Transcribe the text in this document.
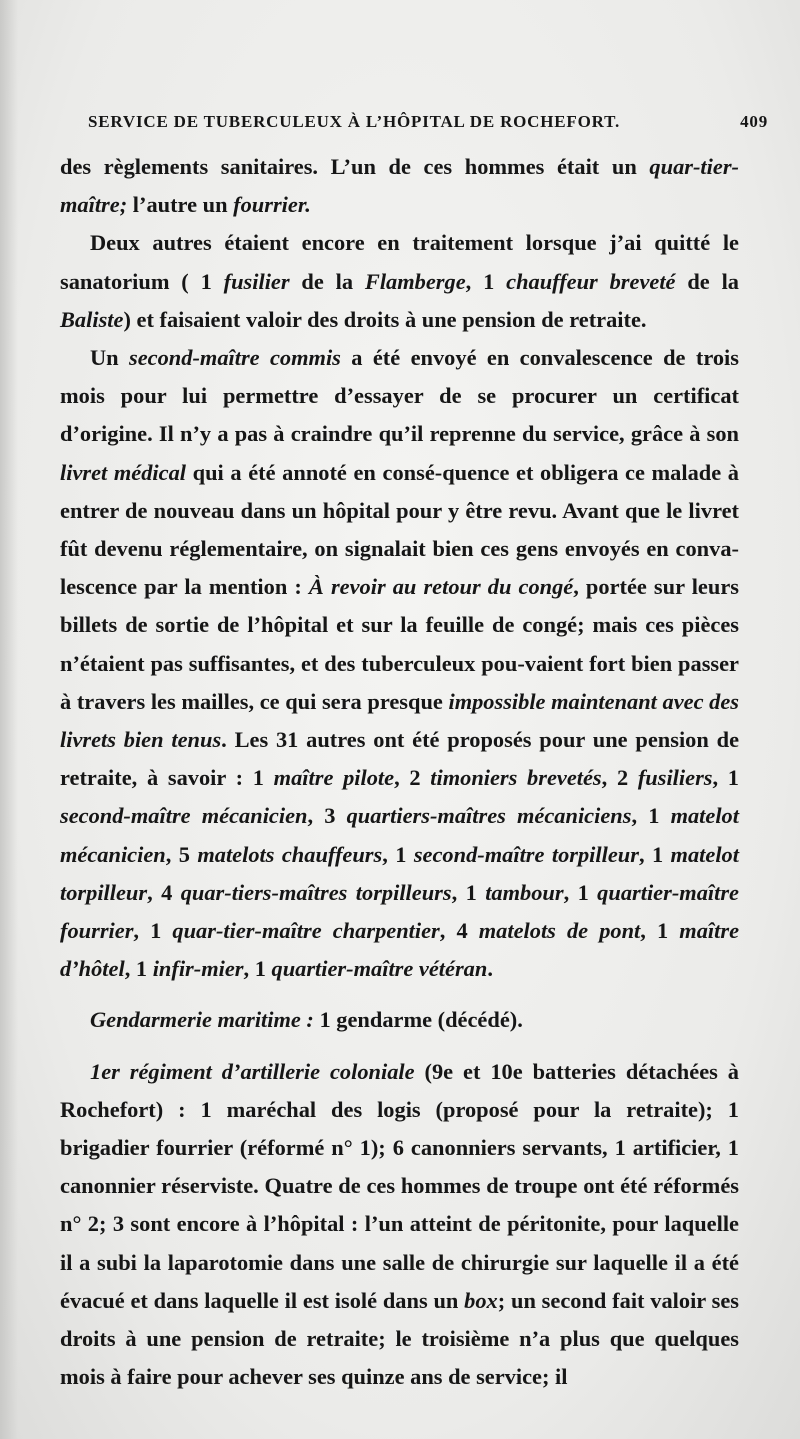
SERVICE DE TUBERCULEUX À L’HÔPITAL DE ROCHEFORT.	409

des règlements sanitaires. L’un de ces hommes était un quar-tier-maître; l’autre un fourrier.

Deux autres étaient encore en traitement lorsque j’ai quitté le sanatorium ( 1 fusilier de la Flamberge, 1 chauffeur breveté de la Baliste) et faisaient valoir des droits à une pension de retraite.

Un second-maître commis a été envoyé en convalescence de trois mois pour lui permettre d’essayer de se procurer un certificat d’origine. Il n’y a pas à craindre qu’il reprenne du service, grâce à son livret médical qui a été annoté en consé-quence et obligera ce malade à entrer de nouveau dans un hôpital pour y être revu. Avant que le livret fût devenu réglementaire, on signalait bien ces gens envoyés en conva-lescence par la mention : À revoir au retour du congé, portée sur leurs billets de sortie de l’hôpital et sur la feuille de congé; mais ces pièces n’étaient pas suffisantes, et des tuberculeux pou-vaient fort bien passer à travers les mailles, ce qui sera presque impossible maintenant avec des livrets bien tenus. Les 31 autres ont été proposés pour une pension de retraite, à savoir : 1 maître pilote, 2 timoniers brevetés, 2 fusiliers, 1 second-maître mécanicien, 3 quartiers-maîtres mécaniciens, 1 matelot mécanicien, 5 matelots chauffeurs, 1 second-maître torpilleur, 1 matelot torpilleur, 4 quar-tiers-maîtres torpilleurs, 1 tambour, 1 quartier-maître fourrier, 1 quar-tier-maître charpentier, 4 matelots de pont, 1 maître d’hôtel, 1 infir-mier, 1 quartier-maître vétéran.

Gendarmerie maritime : 1 gendarme (décédé).

1er régiment d’artillerie coloniale (9e et 10e batteries détachées à Rochefort) : 1 maréchal des logis (proposé pour la retraite); 1 brigadier fourrier (réformé n° 1); 6 canonniers servants, 1 artificier, 1 canonnier réserviste. Quatre de ces hommes de troupe ont été réformés n° 2; 3 sont encore à l’hôpital : l’un atteint de péritonite, pour laquelle il a subi la laparotomie dans une salle de chirurgie sur laquelle il a été évacué et dans laquelle il est isolé dans un box; un second fait valoir ses droits à une pension de retraite; le troisième n’a plus que quelques mois à faire pour achever ses quinze ans de service; il
